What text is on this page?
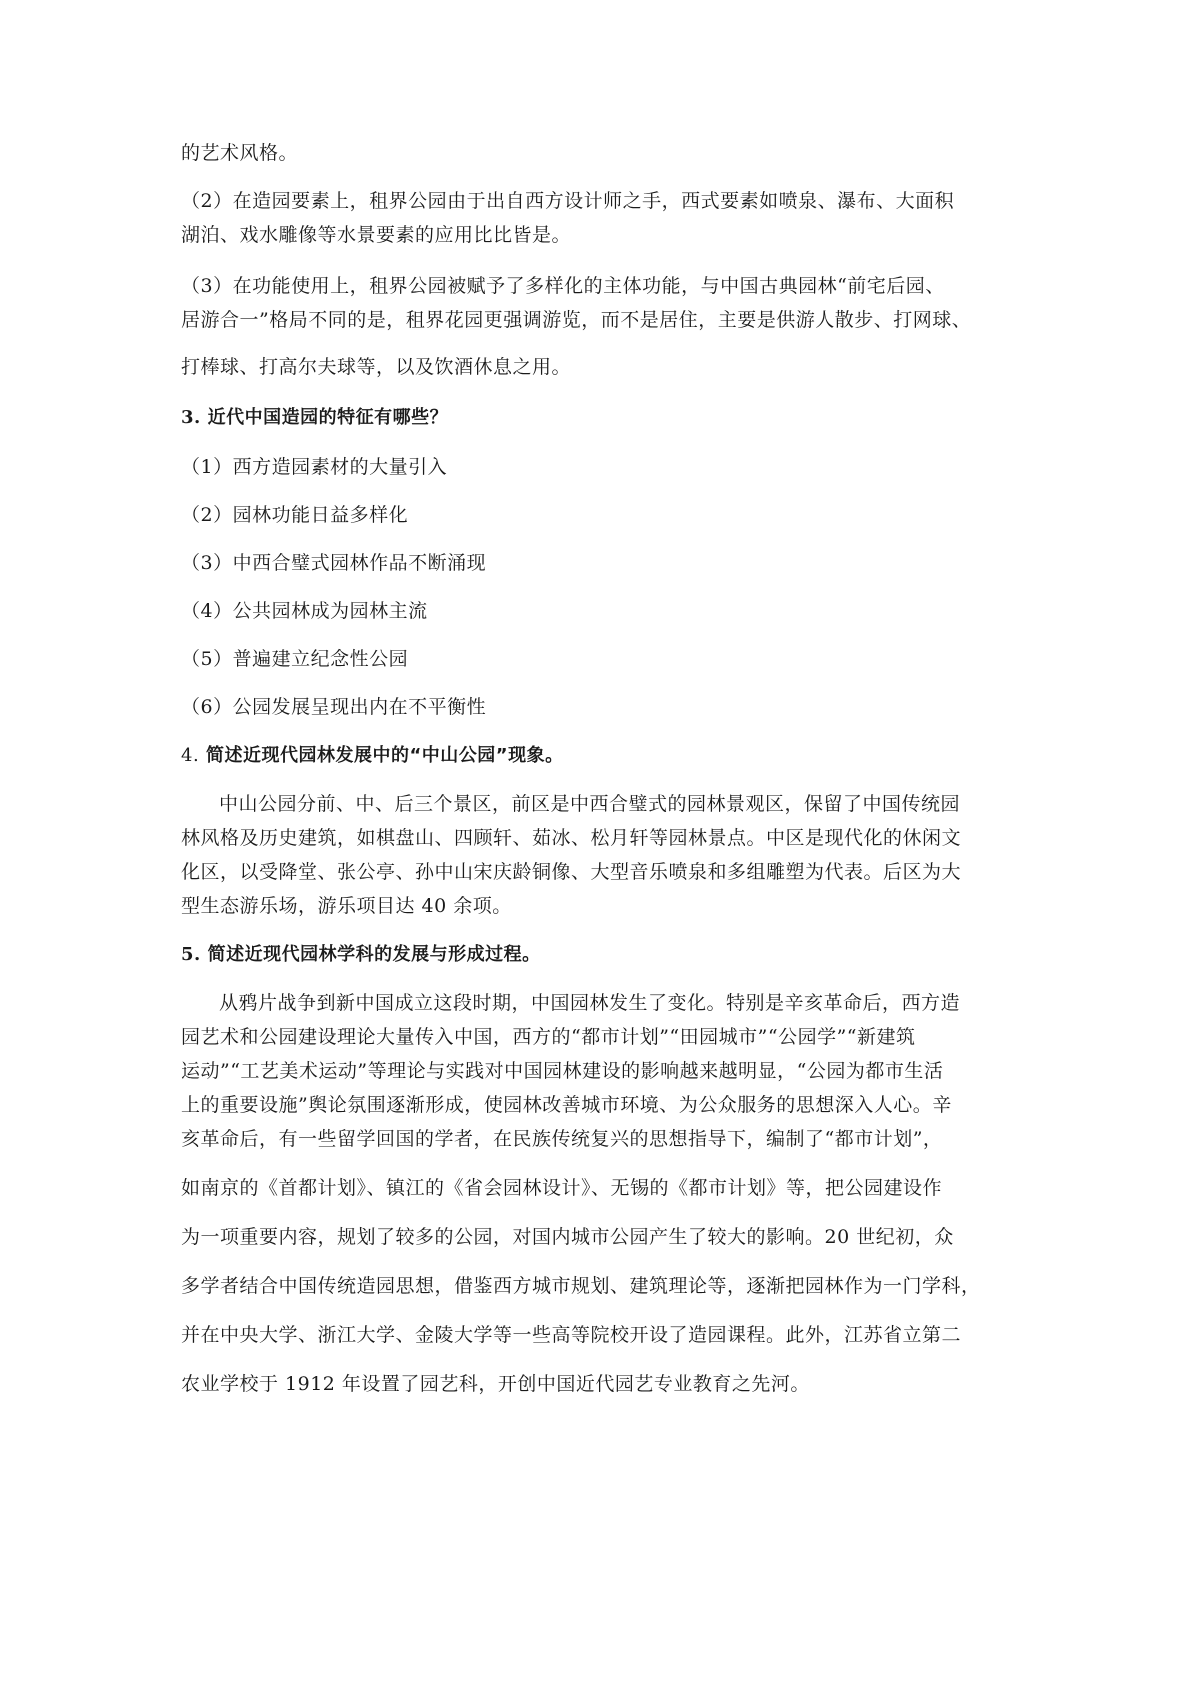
的艺术风格。
（2）在造园要素上，租界公园由于出自西方设计师之手，西式要素如喷泉、瀑布、大面积
湖泊、戏水雕像等水景要素的应用比比皆是。
（3）在功能使用上，租界公园被赋予了多样化的主体功能，与中国古典园林“前宅后园、
居游合一”格局不同的是，租界花园更强调游览，而不是居住，主要是供游人散步、打网球、
打棒球、打高尔夫球等，以及饮酒休息之用。
3. 近代中国造园的特征有哪些？
（1）西方造园素材的大量引入
（2）园林功能日益多样化
（3）中西合璧式园林作品不断涌现
（4）公共园林成为园林主流
（5）普遍建立纪念性公园
（6）公园发展呈现出内在不平衡性
4. 简述近现代园林发展中的“中山公园”现象。
中山公园分前、中、后三个景区，前区是中西合璧式的园林景观区，保留了中国传统园
林风格及历史建筑，如棋盘山、四顾轩、茹冰、松月轩等园林景点。中区是现代化的休闲文
化区，以受降堂、张公亭、孙中山宋庆龄铜像、大型音乐喷泉和多组雕塑为代表。后区为大
型生态游乐场，游乐项目达 40 余项。
5. 简述近现代园林学科的发展与形成过程。
从鸦片战争到新中国成立这段时期，中国园林发生了变化。特别是辛亥革命后，西方造
园艺术和公园建设理论大量传入中国，西方的“都市计划”“田园城市”“公园学”“新建筑
运动”“工艺美术运动”等理论与实践对中国园林建设的影响越来越明显，“公园为都市生活
上的重要设施”舆论氛围逐渐形成，使园林改善城市环境、为公众服务的思想深入人心。辛
亥革命后，有一些留学回国的学者，在民族传统复兴的思想指导下，编制了“都市计划”，
如南京的《首都计划》、镇江的《省会园林设计》、无锡的《都市计划》等，把公园建设作
为一项重要内容，规划了较多的公园，对国内城市公园产生了较大的影响。20 世纪初，众
多学者结合中国传统造园思想，借鉴西方城市规划、建筑理论等，逐渐把园林作为一门学科，
并在中央大学、浙江大学、金陵大学等一些高等院校开设了造园课程。此外，江苏省立第二
农业学校于 1912 年设置了园艺科，开创中国近代园艺专业教育之先河。
